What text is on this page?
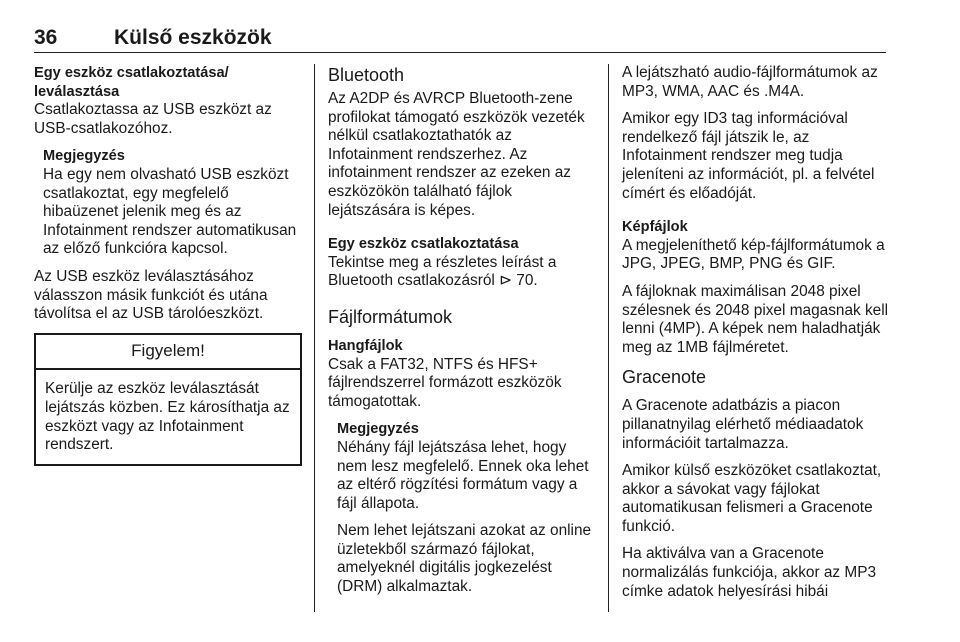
36	Külső eszközök
Egy eszköz csatlakoztatása/ leválasztása

Csatlakoztassa az USB eszközt az USB-csatlakozóhoz.

Megjegyzés

Ha egy nem olvasható USB eszközt csatlakoztat, egy megfelelő hibaüzenet jelenik meg és az Infotainment rendszer automatikusan az előző funkcióra kapcsol.

Az USB eszköz leválasztásához válasszon másik funkciót és utána távolítsa el az USB tárolóeszközt.

Figyelem!
Kerülje az eszköz leválasztását lejátszás közben. Ez károsíthatja az eszközt vagy az Infotainment rendszert.
Bluetooth

Az A2DP és AVRCP Bluetooth-zene profilokat támogató eszközök vezeték nélkül csatlakoztathatók az Infotainment rendszerhez. Az infotainment rendszer az ezeken az eszközökön található fájlok lejátszására is képes.

Egy eszköz csatlakoztatása

Tekintse meg a részletes leírást a Bluetooth csatlakozásról ⊳ 70.

Fájlformátumok
Hangfájlok

Csak a FAT32, NTFS és HFS+ fájlrendszerrel formázott eszközök támogatottak.

Megjegyzés

Néhány fájl lejátszása lehet, hogy nem lesz megfelelő. Ennek oka lehet az eltérő rögzítési formátum vagy a fájl állapota.

Nem lehet lejátszani azokat az online üzletekből származó fájlokat, amelyeknél digitális jogkezelést (DRM) alkalmaztak.

A lejátszható audio-fájlformátumok az MP3, WMA, AAC és .M4A.

Amikor egy ID3 tag információval rendelkező fájl játszik le, az Infotainment rendszer meg tudja jeleníteni az információt, pl. a felvétel címért és előadóját.

Képfájlok

A megjeleníthető kép-fájlformátumok a JPG, JPEG, BMP, PNG és GIF.

A fájloknak maximálisan 2048 pixel szélesnek és 2048 pixel magasnak kell lenni (4MP). A képek nem haladhatják meg az 1MB fájlméretet.

Gracenote

A Gracenote adatbázis a piacon pillanatnyilag elérhető médiaadatok információit tartalmazza.

Amikor külső eszközöket csatlakoztat, akkor a sávokat vagy fájlokat automatikusan felismeri a Gracenote funkció.

Ha aktiválva van a Gracenote normalizálás funkciója, akkor az MP3 címke adatok helyesírási hibái
